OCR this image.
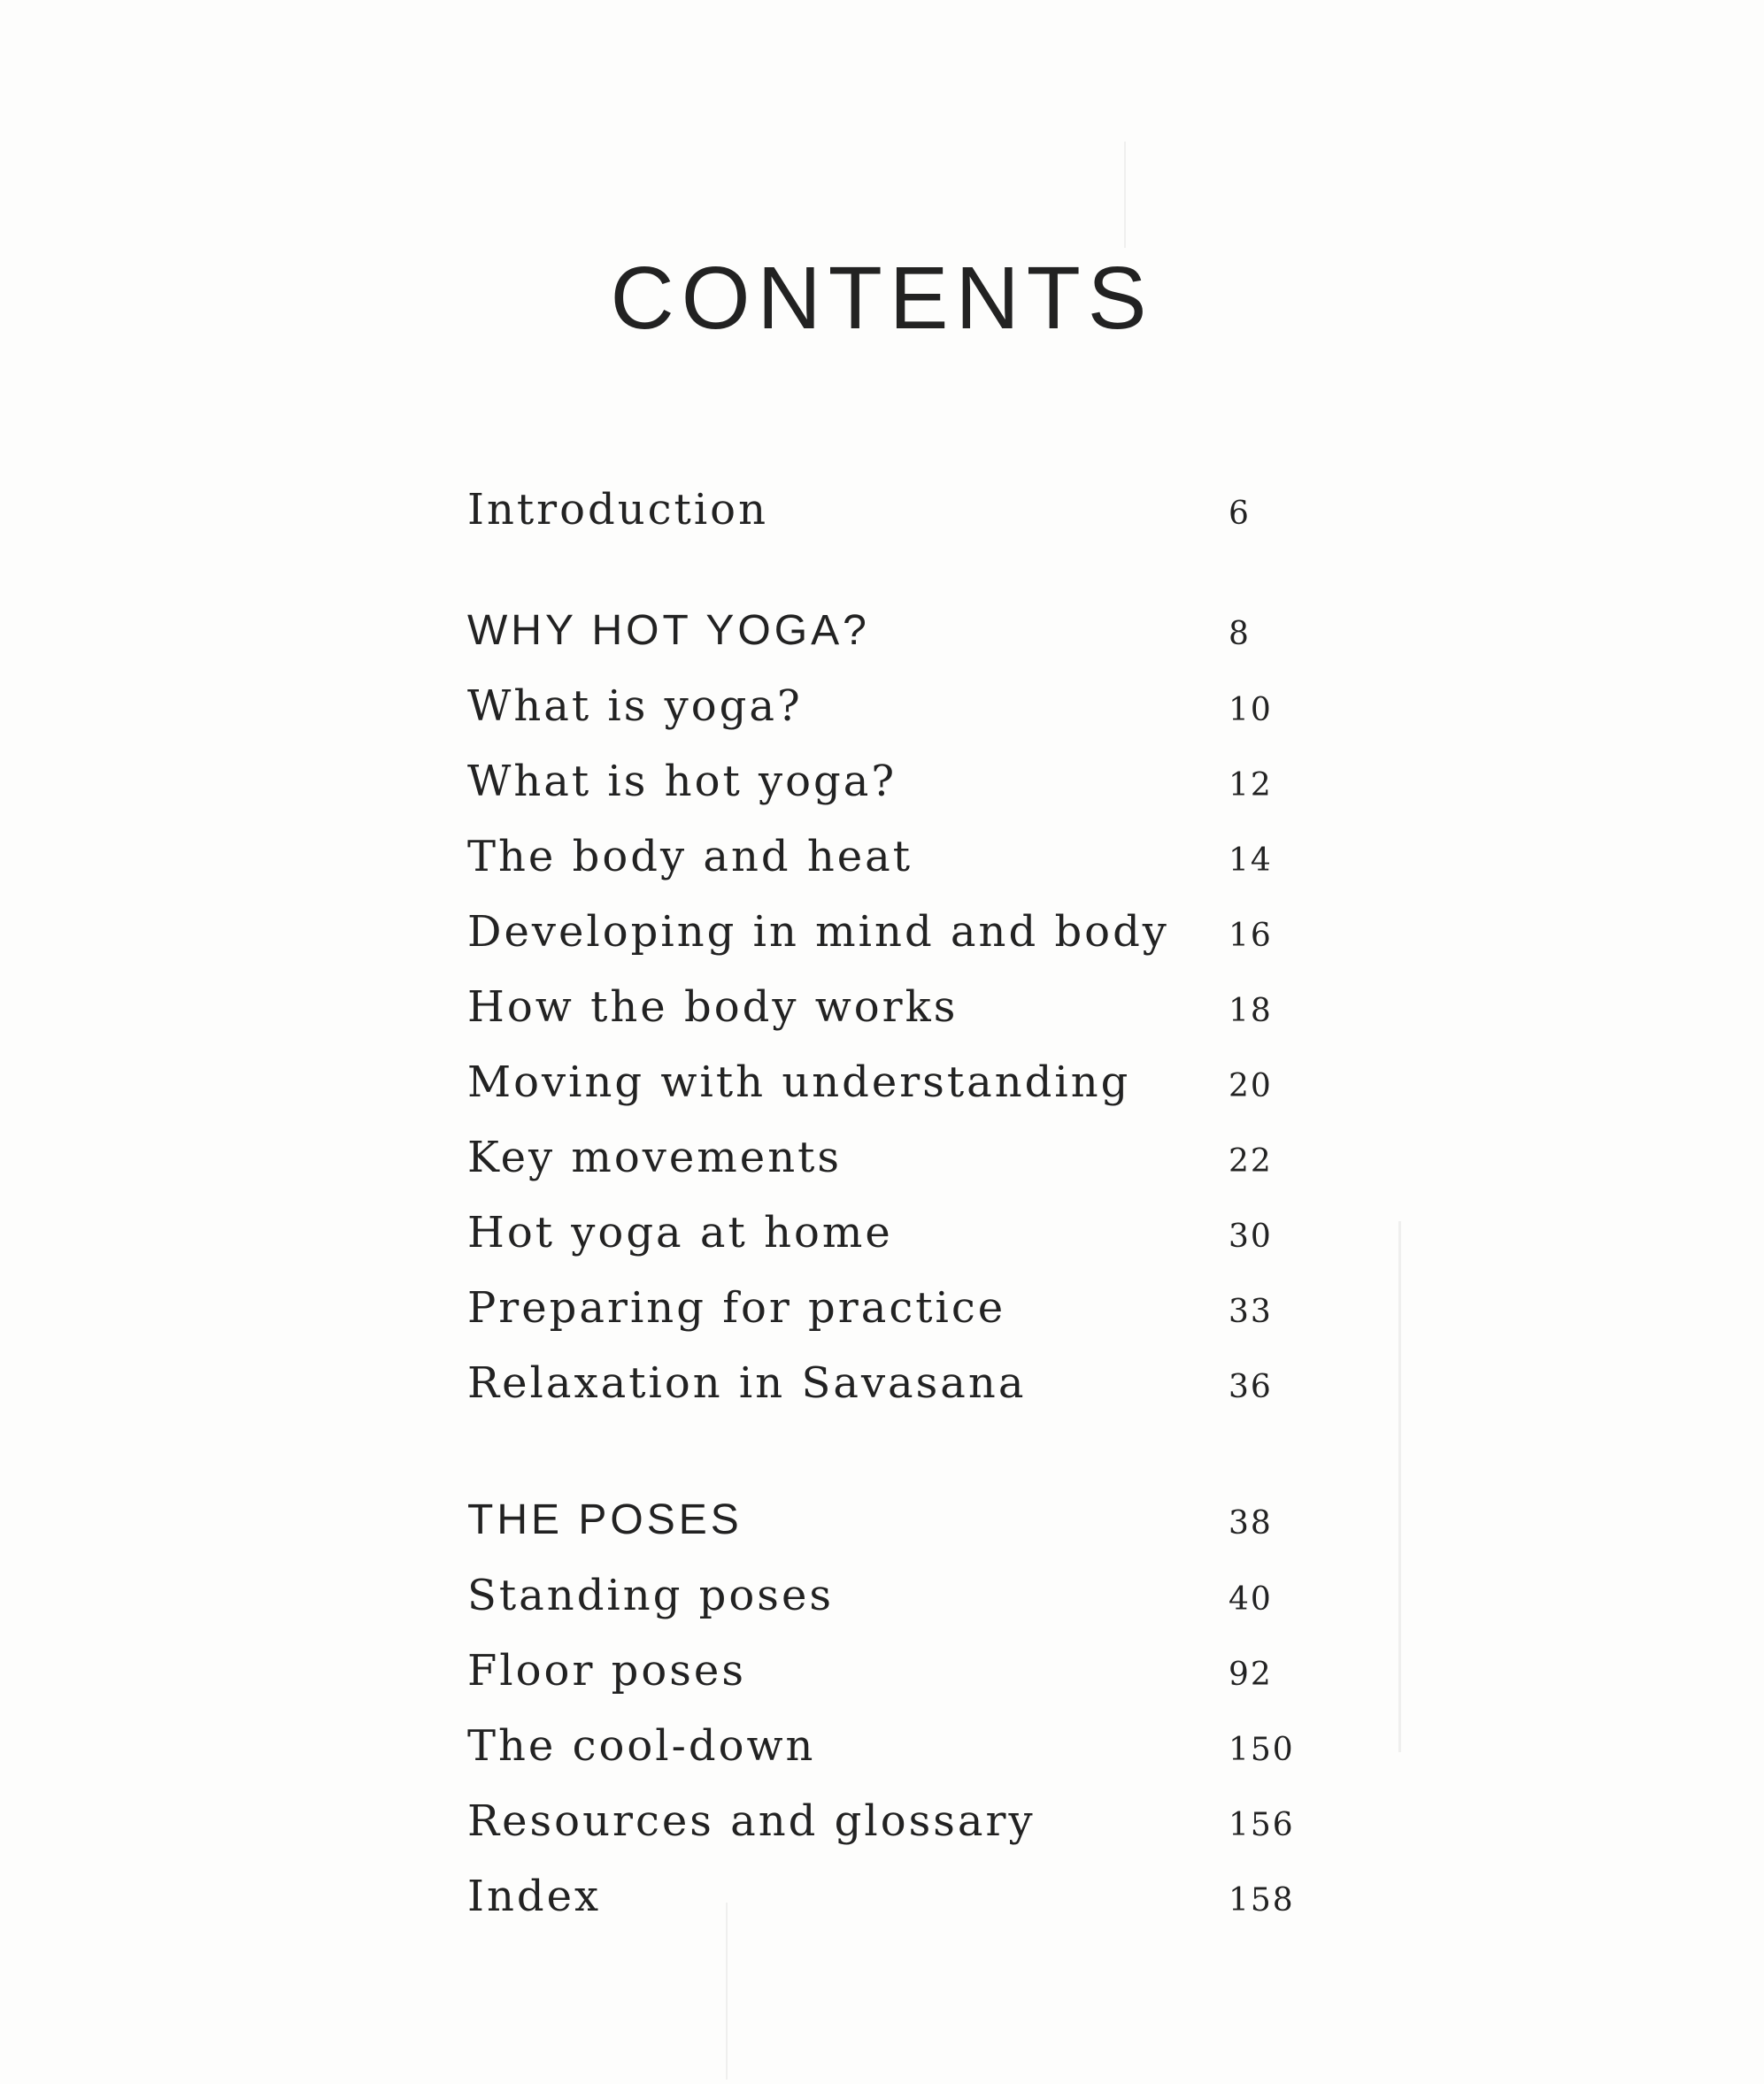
CONTENTS
Introduction	6
WHY HOT YOGA?	8
What is yoga?	10
What is hot yoga?	12
The body and heat	14
Developing in mind and body 16
How the body works	18
Moving with understanding	20
Key movements	22
Hot yoga at home	30
Preparing for practice	33
Relaxation in Savasana	36
THE POSES	38
Standing poses	40
Floor poses	92
The cool-down	150
Resources and glossary	156
Index	158
